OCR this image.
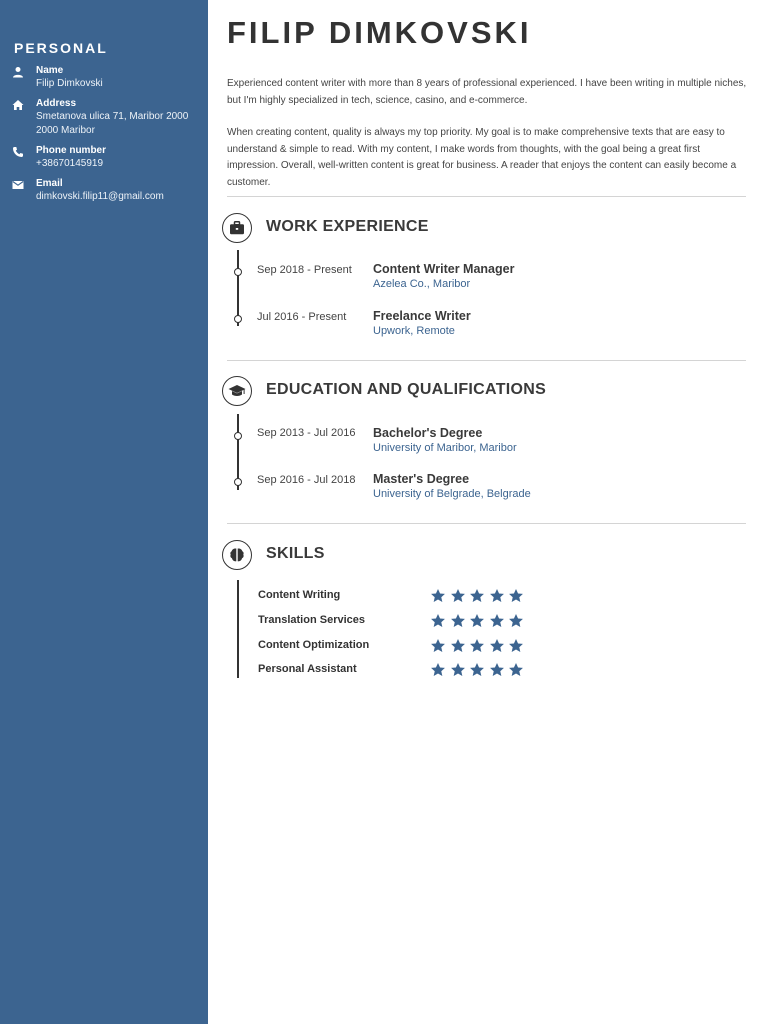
PERSONAL
Name
Filip Dimkovski
Address
Smetanova ulica 71, Maribor 2000 2000 Maribor
Phone number
+38670145919
Email
dimkovski.filip11@gmail.com
FILIP DIMKOVSKI

Experienced content writer with more than 8 years of professional experienced. I have been writing in multiple niches, but I'm highly specialized in tech, science, casino, and e-commerce.

When creating content, quality is always my top priority. My goal is to make comprehensive texts that are easy to understand & simple to read. With my content, I make words from thoughts, with the goal being a great first impression. Overall, well-written content is great for business. A reader that enjoys the content can easily become a customer.

WORK EXPERIENCE
Sep 2018 - Present Content Writer Manager
Azelea Co., Maribor
Jul 2016 - Present Freelance Writer
Upwork, Remote
EDUCATION AND QUALIFICATIONS
Sep 2013 - Jul 2016 Bachelor's Degree
University of Maribor, Maribor
Sep 2016 - Jul 2018 Master's Degree
University of Belgrade, Belgrade
SKILLS
Content Writing
Translation Services
Content Optimization
Personal Assistant
